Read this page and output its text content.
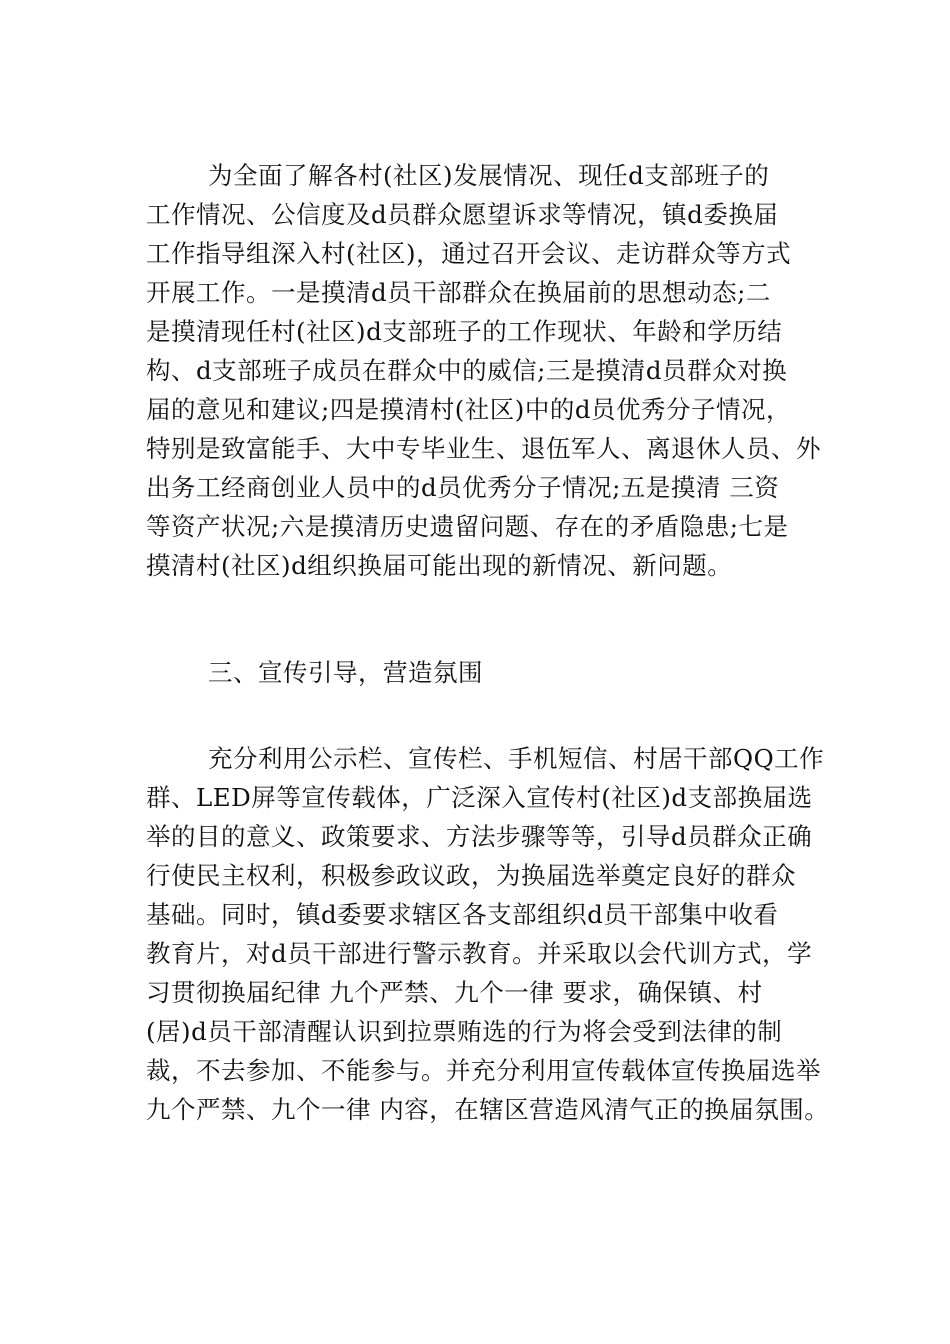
为全面了解各村(社区)发展情况、现任d支部班子的
工作情况、公信度及d员群众愿望诉求等情况，镇d委换届
工作指导组深入村(社区)，通过召开会议、走访群众等方式
开展工作。一是摸清d员干部群众在换届前的思想动态;二
是摸清现任村(社区)d支部班子的工作现状、年龄和学历结
构、d支部班子成员在群众中的威信;三是摸清d员群众对换
届的意见和建议;四是摸清村(社区)中的d员优秀分子情况，
特别是致富能手、大中专毕业生、退伍军人、离退休人员、外
出务工经商创业人员中的d员优秀分子情况;五是摸清 三资
等资产状况;六是摸清历史遗留问题、存在的矛盾隐患;七是
摸清村(社区)d组织换届可能出现的新情况、新问题。
三、宣传引导，营造氛围
充分利用公示栏、宣传栏、手机短信、村居干部QQ工作
群、LED屏等宣传载体，广泛深入宣传村(社区)d支部换届选
举的目的意义、政策要求、方法步骤等等，引导d员群众正确
行使民主权利，积极参政议政，为换届选举奠定良好的群众
基础。同时，镇d委要求辖区各支部组织d员干部集中收看
教育片，对d员干部进行警示教育。并采取以会代训方式，学
习贯彻换届纪律 九个严禁、九个一律 要求，确保镇、村
(居)d员干部清醒认识到拉票贿选的行为将会受到法律的制
裁，不去参加、不能参与。并充分利用宣传载体宣传换届选举
九个严禁、九个一律 内容，在辖区营造风清气正的换届氛围。
